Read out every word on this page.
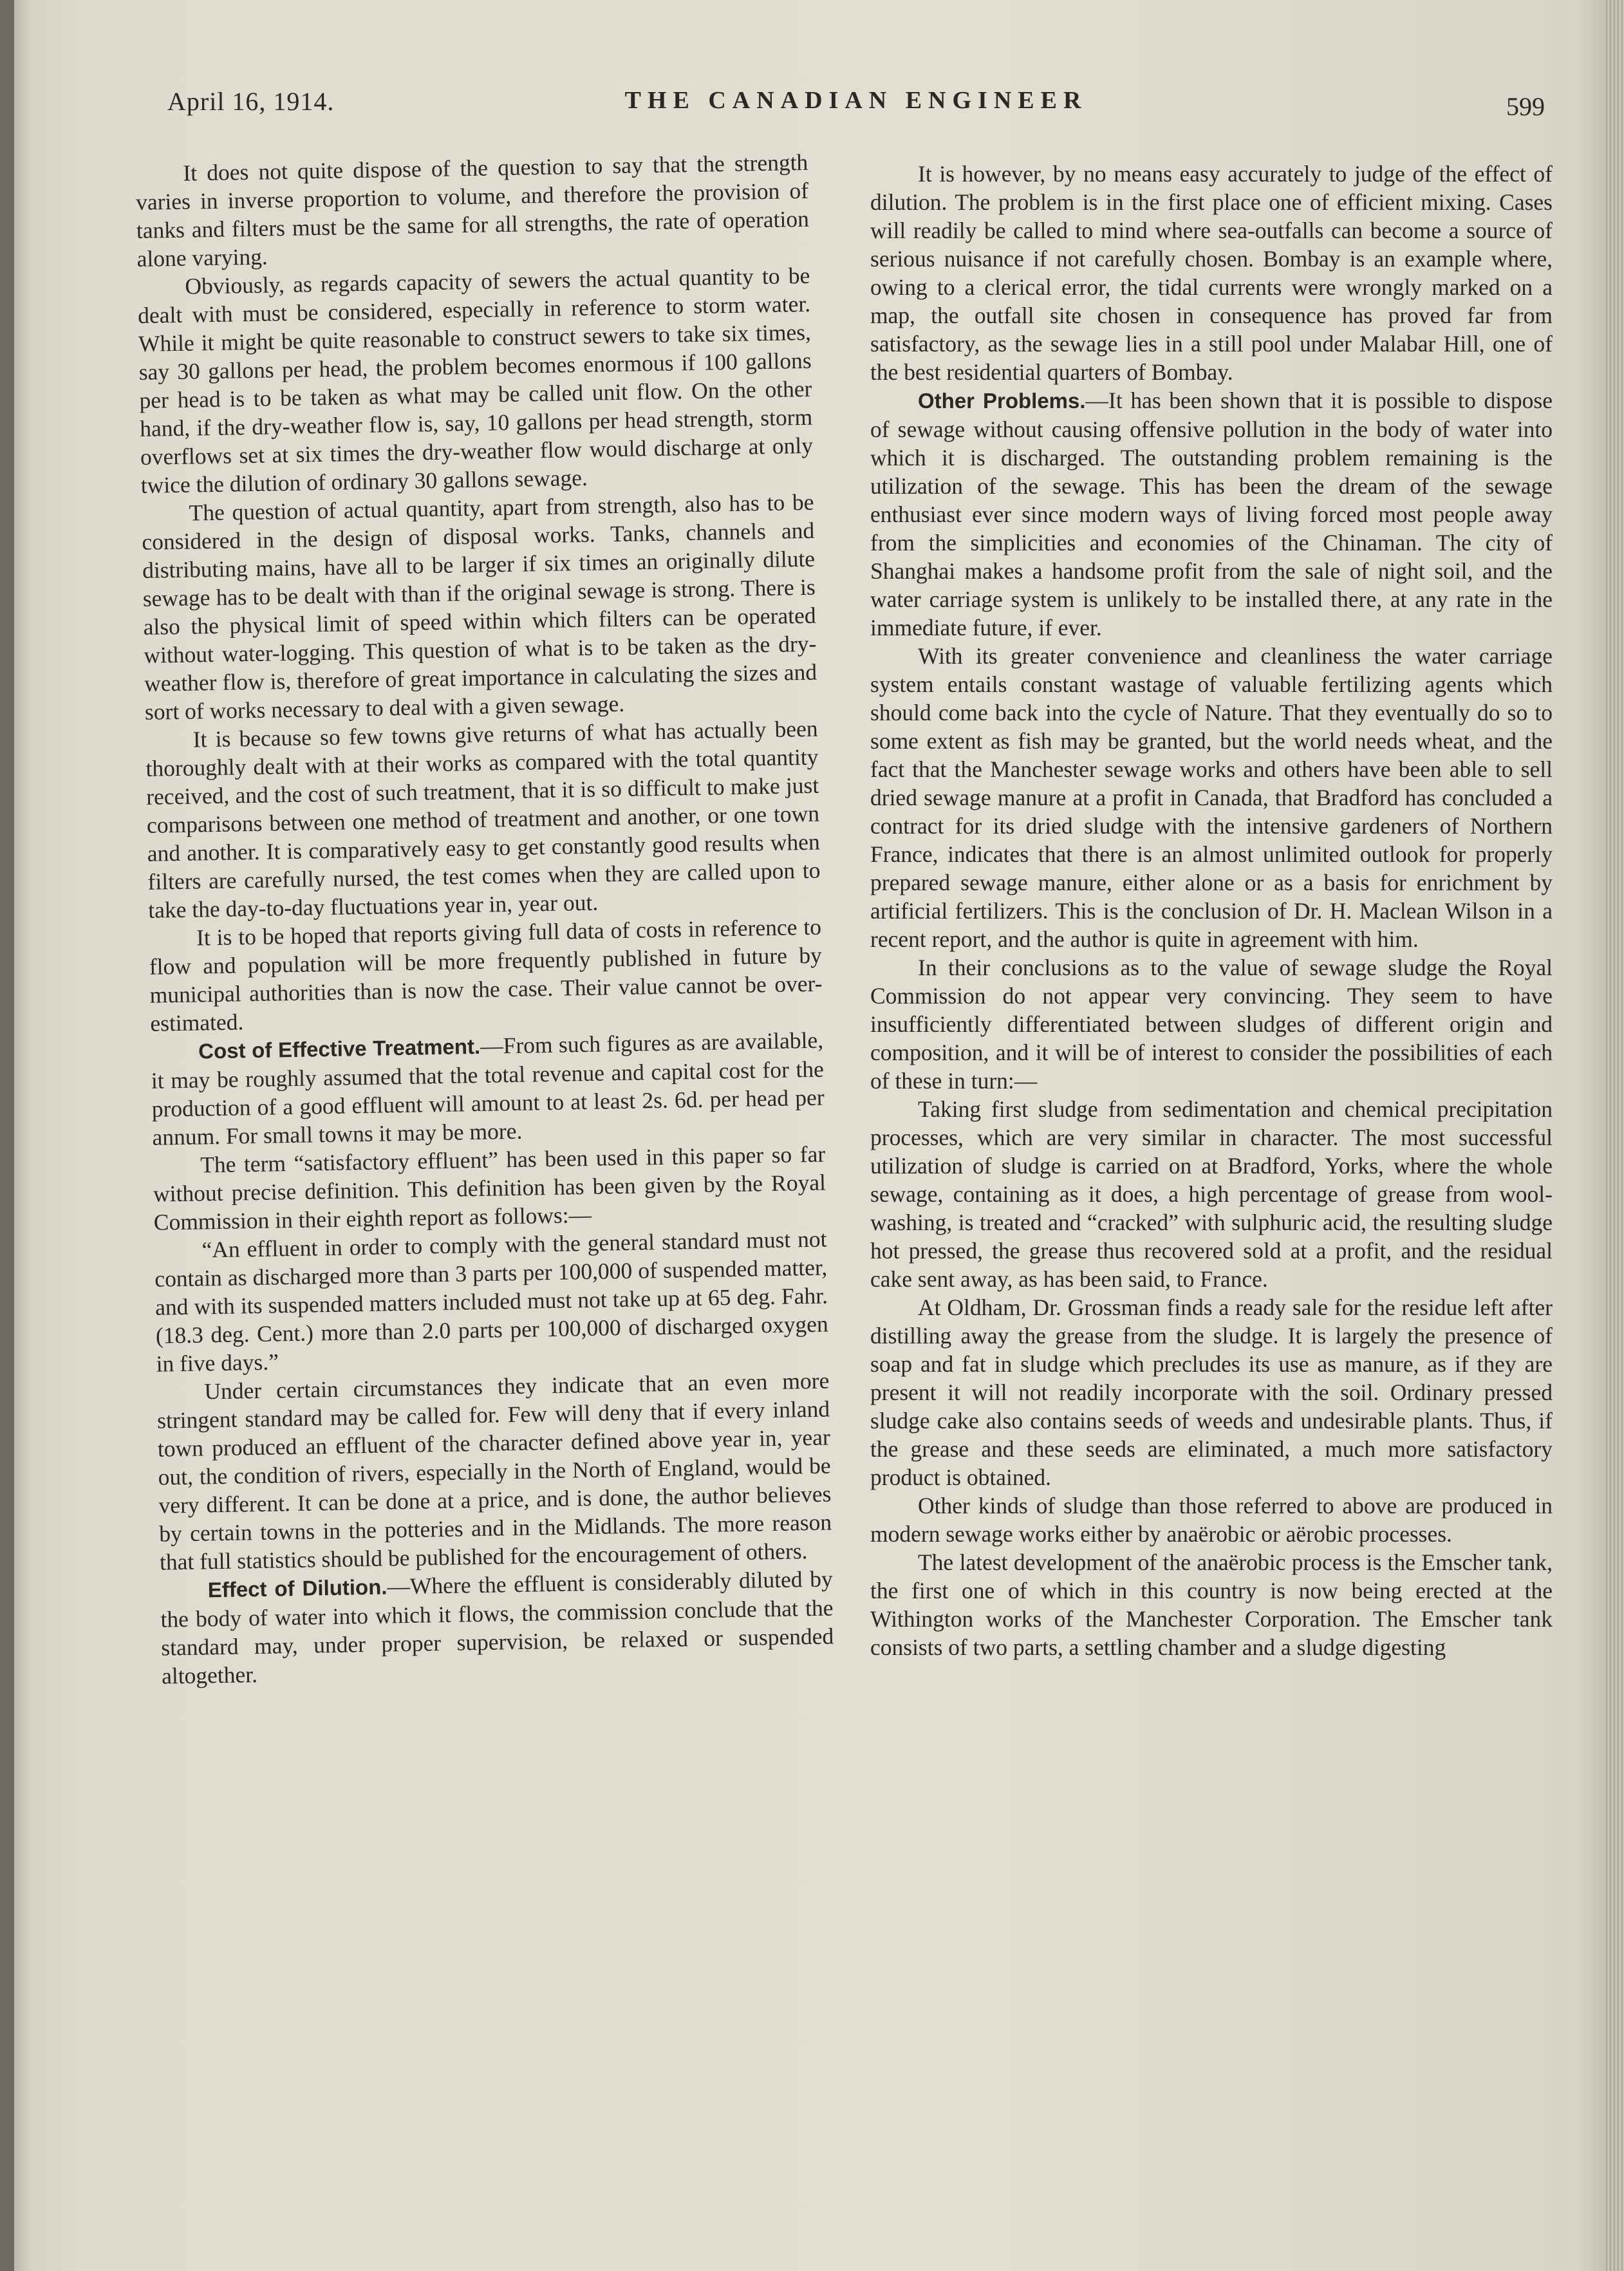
April 16, 1914.	THE CANADIAN ENGINEER	599

It does not quite dispose of the question to say that the strength varies in inverse proportion to volume, and therefore the provision of tanks and filters must be the same for all strengths, the rate of operation alone varying.

Obviously, as regards capacity of sewers the actual quantity to be dealt with must be considered, especially in reference to storm water. While it might be quite reasonable to construct sewers to take six times, say 30 gallons per head, the problem becomes enormous if 100 gallons per head is to be taken as what may be called unit flow. On the other hand, if the dry-weather flow is, say, 10 gallons per head strength, storm overflows set at six times the dry-weather flow would discharge at only twice the dilution of ordinary 30 gallons sewage.

The question of actual quantity, apart from strength, also has to be considered in the design of disposal works. Tanks, channels and distributing mains, have all to be larger if six times an originally dilute sewage has to be dealt with than if the original sewage is strong. There is also the physical limit of speed within which filters can be operated without water-logging. This question of what is to be taken as the dry-weather flow is, therefore of great importance in calculating the sizes and sort of works necessary to deal with a given sewage.

It is because so few towns give returns of what has actually been thoroughly dealt with at their works as compared with the total quantity received, and the cost of such treatment, that it is so difficult to make just comparisons between one method of treatment and another, or one town and another. It is comparatively easy to get constantly good results when filters are carefully nursed, the test comes when they are called upon to take the day-to-day fluctuations year in, year out.

It is to be hoped that reports giving full data of costs in reference to flow and population will be more frequently published in future by municipal authorities than is now the case. Their value cannot be over-estimated.

Cost of Effective Treatment.—From such figures as are available, it may be roughly assumed that the total revenue and capital cost for the production of a good effluent will amount to at least 2s. 6d. per head per annum. For small towns it may be more.

The term “satisfactory effluent” has been used in this paper so far without precise definition. This definition has been given by the Royal Commission in their eighth report as follows:—

“An effluent in order to comply with the general standard must not contain as discharged more than 3 parts per 100,000 of suspended matter, and with its suspended matters included must not take up at 65 deg. Fahr. (18.3 deg. Cent.) more than 2.0 parts per 100,000 of discharged oxygen in five days.”

Under certain circumstances they indicate that an even more stringent standard may be called for. Few will deny that if every inland town produced an effluent of the character defined above year in, year out, the condition of rivers, especially in the North of England, would be very different. It can be done at a price, and is done, the author believes by certain towns in the potteries and in the Midlands. The more reason that full statistics should be published for the encouragement of others.

Effect of Dilution.—Where the effluent is considerably diluted by the body of water into which it flows, the commission conclude that the standard may, under proper supervision, be relaxed or suspended altogether.

It is however, by no means easy accurately to judge of the effect of dilution. The problem is in the first place one of efficient mixing. Cases will readily be called to mind where sea-outfalls can become a source of serious nuisance if not carefully chosen. Bombay is an example where, owing to a clerical error, the tidal currents were wrongly marked on a map, the outfall site chosen in consequence has proved far from satisfactory, as the sewage lies in a still pool under Malabar Hill, one of the best residential quarters of Bombay.

Other Problems.—It has been shown that it is possible to dispose of sewage without causing offensive pollution in the body of water into which it is discharged. The outstanding problem remaining is the utilization of the sewage. This has been the dream of the sewage enthusiast ever since modern ways of living forced most people away from the simplicities and economies of the Chinaman. The city of Shanghai makes a handsome profit from the sale of night soil, and the water carriage system is unlikely to be installed there, at any rate in the immediate future, if ever.

With its greater convenience and cleanliness the water carriage system entails constant wastage of valuable fertilizing agents which should come back into the cycle of Nature. That they eventually do so to some extent as fish may be granted, but the world needs wheat, and the fact that the Manchester sewage works and others have been able to sell dried sewage manure at a profit in Canada, that Bradford has concluded a contract for its dried sludge with the intensive gardeners of Northern France, indicates that there is an almost unlimited outlook for properly prepared sewage manure, either alone or as a basis for enrichment by artificial fertilizers. This is the conclusion of Dr. H. Maclean Wilson in a recent report, and the author is quite in agreement with him.

In their conclusions as to the value of sewage sludge the Royal Commission do not appear very convincing. They seem to have insufficiently differentiated between sludges of different origin and composition, and it will be of interest to consider the possibilities of each of these in turn:—

Taking first sludge from sedimentation and chemical precipitation processes, which are very similar in character. The most successful utilization of sludge is carried on at Bradford, Yorks, where the whole sewage, containing as it does, a high percentage of grease from wool-washing, is treated and “cracked” with sulphuric acid, the resulting sludge hot pressed, the grease thus recovered sold at a profit, and the residual cake sent away, as has been said, to France.

At Oldham, Dr. Grossman finds a ready sale for the residue left after distilling away the grease from the sludge. It is largely the presence of soap and fat in sludge which precludes its use as manure, as if they are present it will not readily incorporate with the soil. Ordinary pressed sludge cake also contains seeds of weeds and undesirable plants. Thus, if the grease and these seeds are eliminated, a much more satisfactory product is obtained.

Other kinds of sludge than those referred to above are produced in modern sewage works either by anaërobic or aërobic processes.

The latest development of the anaërobic process is the Emscher tank, the first one of which in this country is now being erected at the Withington works of the Manchester Corporation. The Emscher tank consists of two parts, a settling chamber and a sludge digesting
